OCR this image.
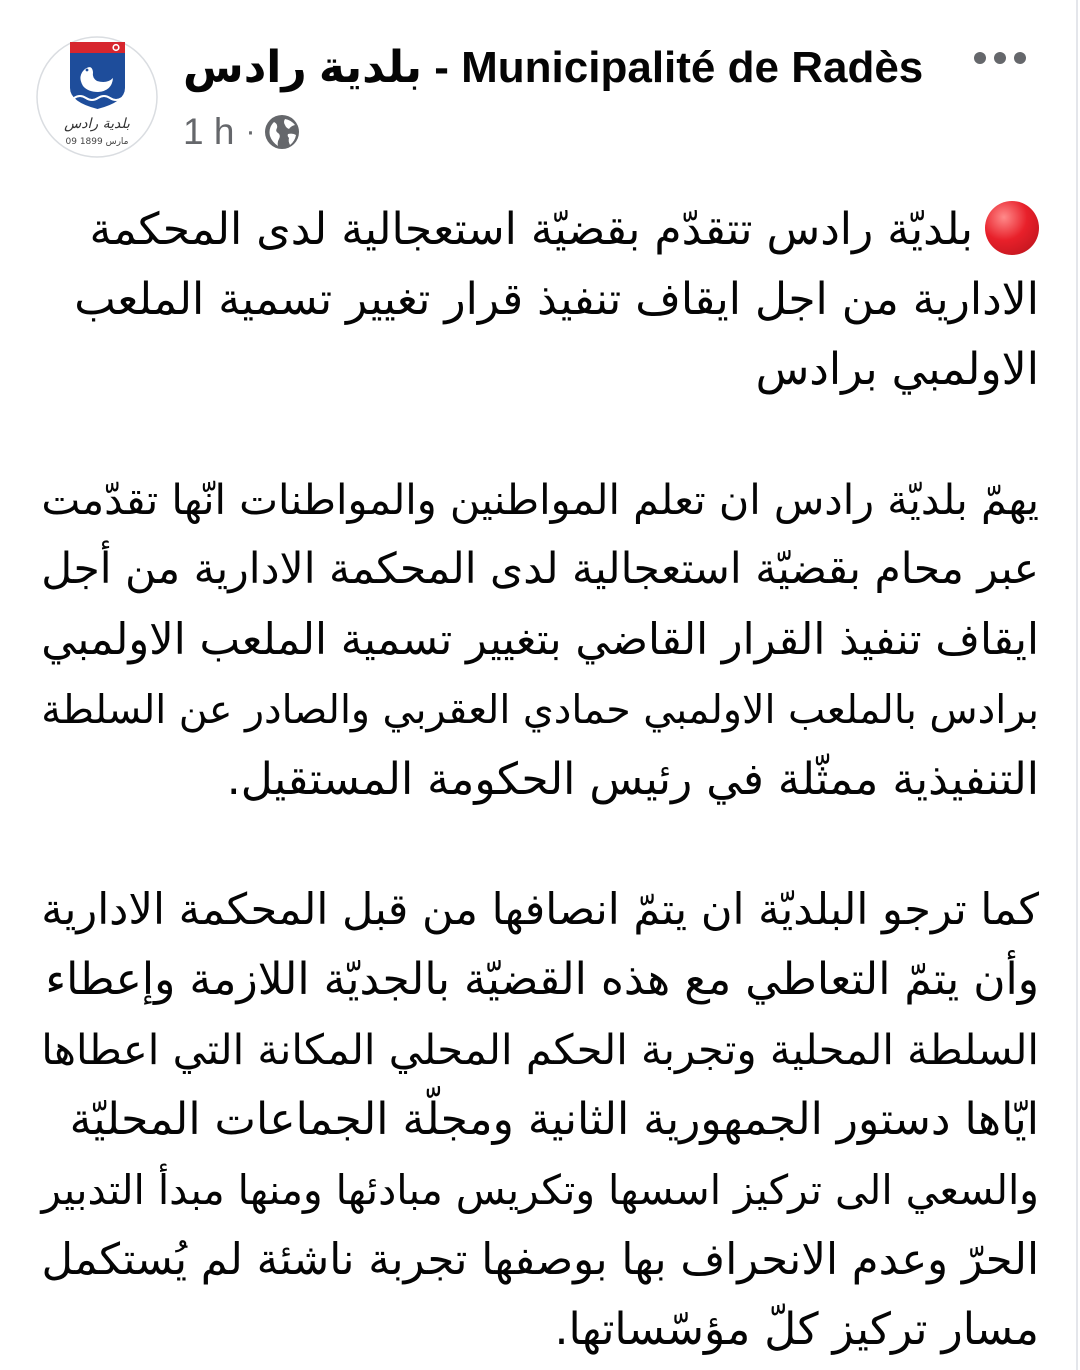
بلدية رادس
09 مارس 1899
بلدية رادس - Municipalité de Radès
1 h ·
بلديّة رادس تتقدّم بقضيّة استعجالية لدى المحكمة
الادارية من اجل ايقاف تنفيذ قرار تغيير تسمية الملعب
الاولمبي برادس
يهمّ بلديّة رادس ان تعلم المواطنين والمواطنات انّها تقدّمت
عبر محام بقضيّة استعجالية لدى المحكمة الادارية من أجل
ايقاف تنفيذ القرار القاضي بتغيير تسمية الملعب الاولمبي
برادس بالملعب الاولمبي حمادي العقربي والصادر عن السلطة
التنفيذية ممثّلة في رئيس الحكومة المستقيل.
كما ترجو البلديّة ان يتمّ انصافها من قبل المحكمة الادارية
وأن يتمّ التعاطي مع هذه القضيّة بالجديّة اللازمة وإعطاء
السلطة المحلية وتجربة الحكم المحلي المكانة التي اعطاها
ايّاها دستور الجمهورية الثانية ومجلّة الجماعات المحليّة
والسعي الى تركيز اسسها وتكريس مبادئها ومنها مبدأ التدبير
الحرّ وعدم الانحراف بها بوصفها تجربة ناشئة لم يُستكمل
مسار تركيز كلّ مؤسّساتها.
